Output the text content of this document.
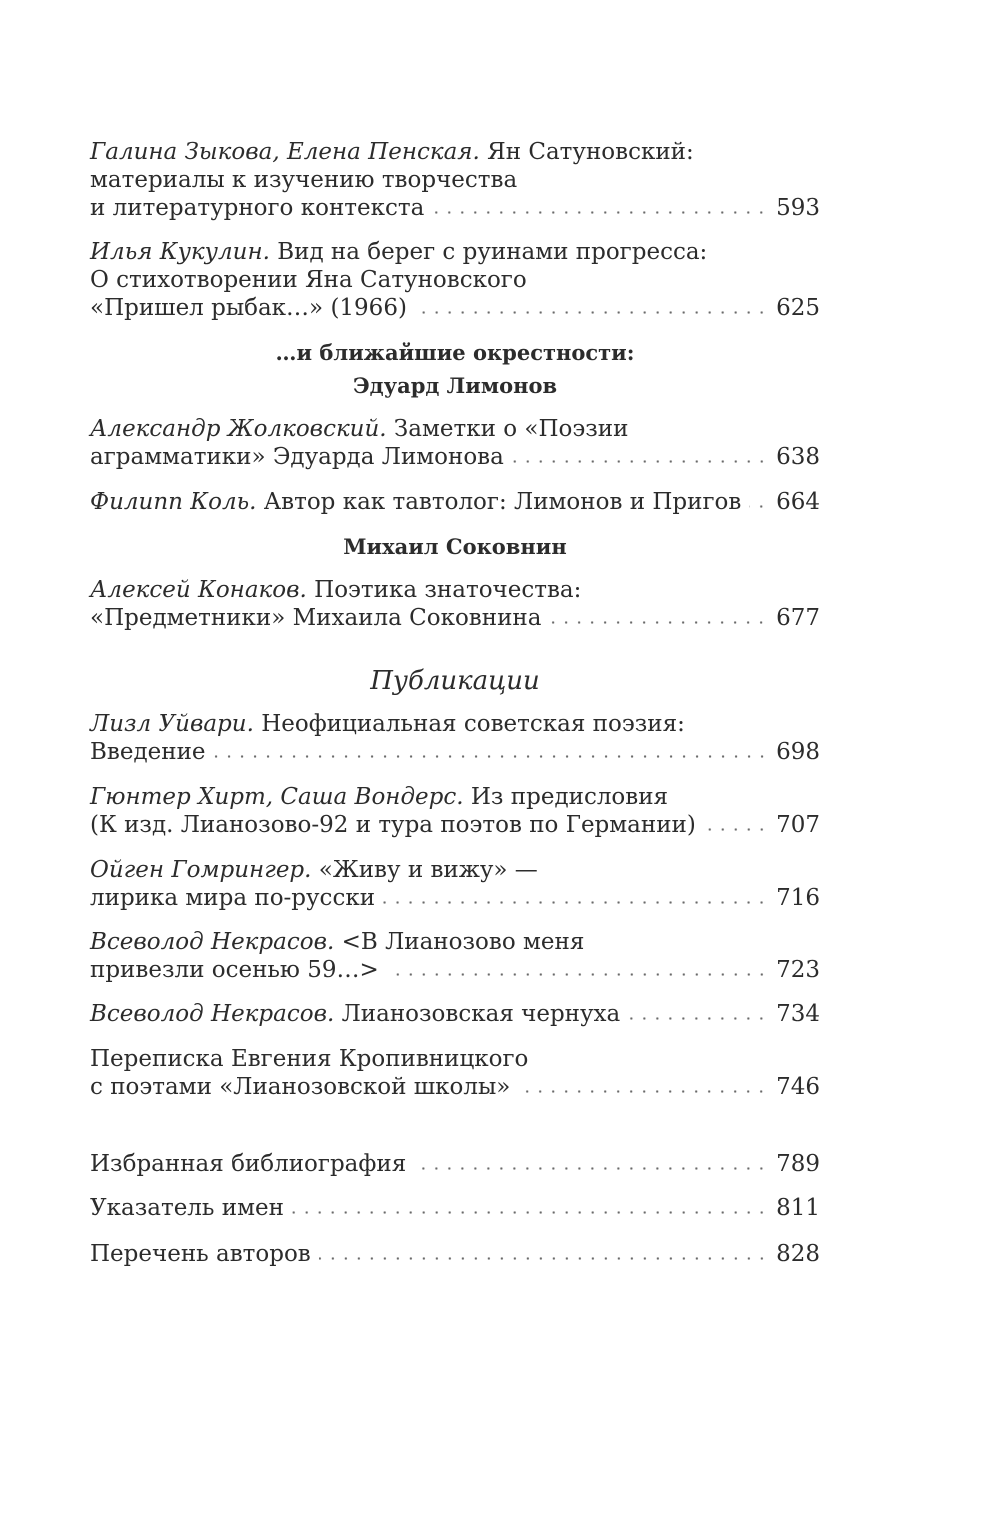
Галина Зыкова, Елена Пенская. Ян Сатуновский:
материалы к изучению творчества
и литературного контекста	593
Илья Кукулин. Вид на берег с руинами прогресса:
О стихотворении Яна Сатуновского
«Пришел рыбак…» (1966)	625
…и ближайшие окрестности:
Эдуард Лимонов
Александр Жолковский. Заметки о «Поэзии
аграмматики» Эдуарда Лимонова	638
Филипп Коль. Автор как тавтолог: Лимонов и Пригов 664
Михаил Соковнин
Алексей Конаков. Поэтика знаточества:
«Предметники» Михаила Соковнина	677
Публикации
Лизл Уйвари. Неофициальная советская поэзия:
Введение	698
Гюнтер Хирт, Саша Вондерс. Из предисловия
(К изд. Лианозово-92 и тура поэтов по Германии)	707
Ойген Гомрингер. «Живу и вижу» —
лирика мира по-русски	716
Всеволод Некрасов. <В Лианозово меня
привезли осенью 59…>	723
Всеволод Некрасов. Лианозовская чернуха	734
Переписка Евгения Кропивницкого
с поэтами «Лианозовской школы»	746
Избранная библиография	789
Указатель имен	811
Перечень авторов	828
